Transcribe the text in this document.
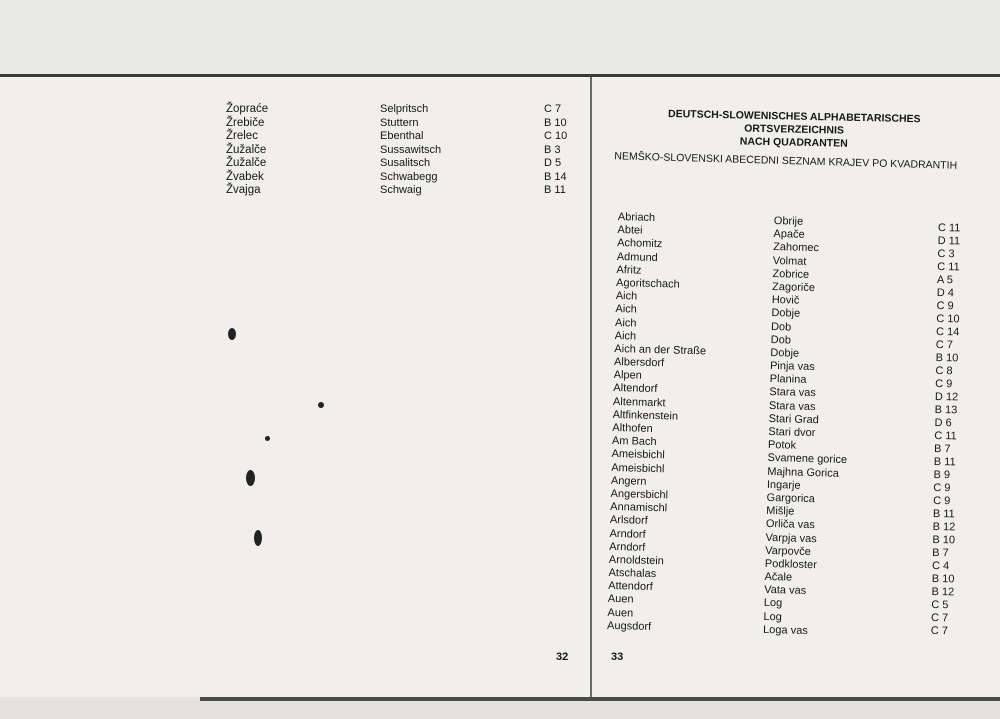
Žopraće
Žrebiče
Žrelec
Žužalče
Žužalče
Žvabek
Žvajga
Selpritsch
Stuttern
Ebenthal
Sussawitsch
Susalitsch
Schwabegg
Schwaig
C 7
B 10
C 10
B 3
D 5
B 14
B 11
DEUTSCH-SLOWENISCHES ALPHABETARISCHES ORTSVERZEICHNIS
NACH QUADRANTEN
NEMŠKO-SLOVENSKI ABECEDNI SEZNAM KRAJEV PO KVADRANTIH
Abriach
Abtei
Achomitz
Admund
Afritz
Agoritschach
Aich
Aich
Aich
Aich
Aich an der Straße
Albersdorf
Alpen
Altendorf
Altenmarkt
Altfinkenstein
Althofen
Am Bach
Ameisbichl
Ameisbichl
Angern
Angersbichl
Annamischl
Arlsdorf
Arndorf
Arndorf
Arnoldstein
Atschalas
Attendorf
Auen
Auen
Augsdorf
Obrije
Apače
Zahomec
Volmat
Zobrice
Zagoriče
Hovič
Dobje
Dob
Dob
Dobje
Pinja vas
Planina
Stara vas
Stara vas
Stari Grad
Stari dvor
Potok
Svamene gorice
Majhna Gorica
Ingarje
Gargorica
Mišlje
Orliča vas
Varpja vas
Varpovče
Podkloster
Ačale
Vata vas
Log
Log
Loga vas
C 11
D 11
C 3
C 11
A 5
D 4
C 9
C 10
C 14
C 7
B 10
C 8
C 9
D 12
B 13
D 6
C 11
B 7
B 11
B 9
C 9
C 9
B 11
B 12
B 10
B 7
C 4
B 10
B 12
C 5
C 7
C 7
32	33
